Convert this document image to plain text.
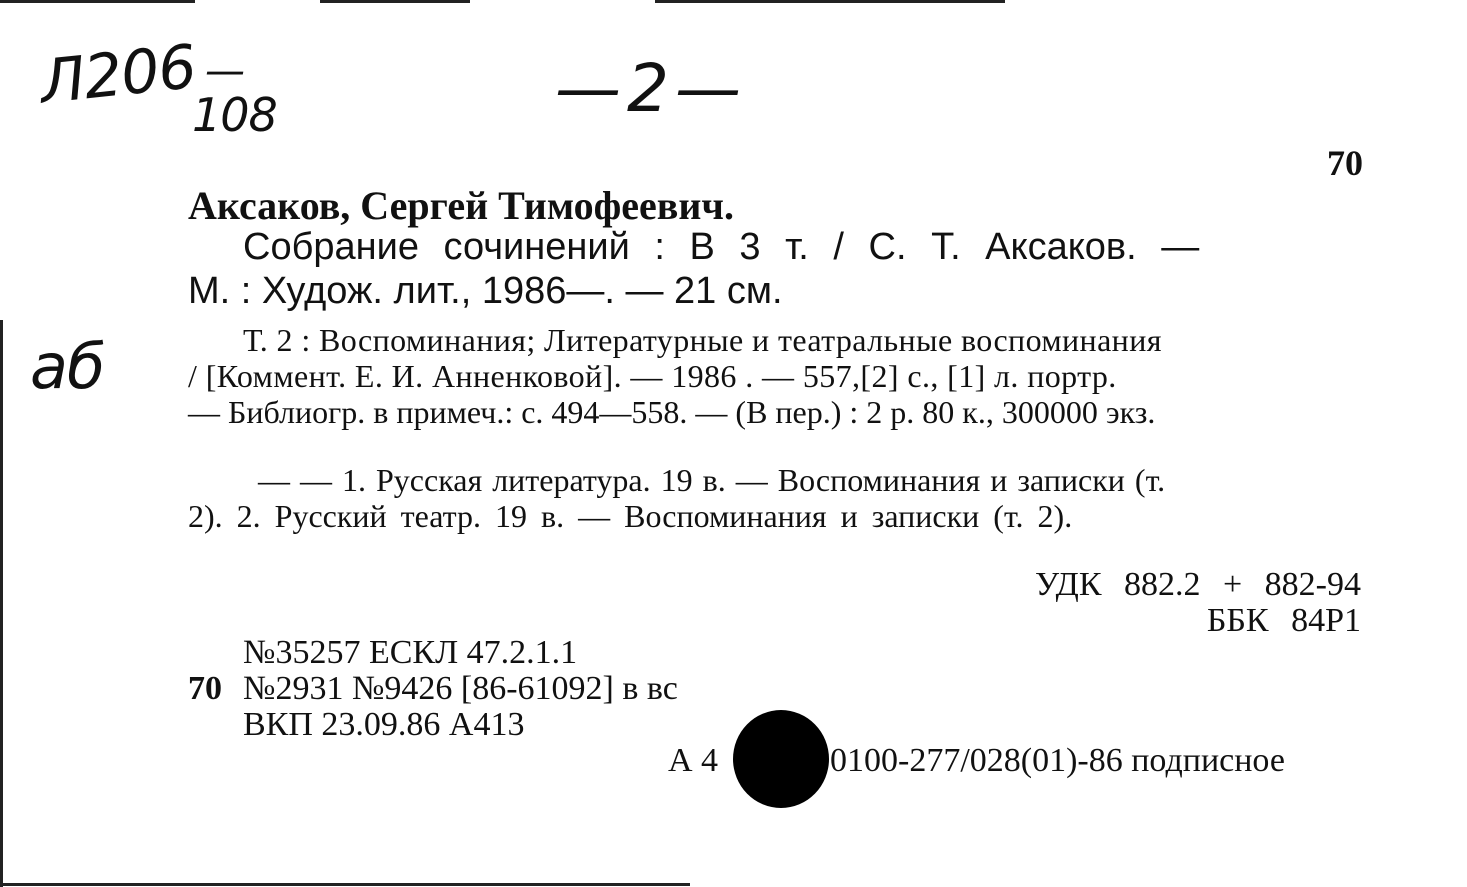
Л206 —
108	—2—
аб
70
Аксаков, Сергей Тимофеевич.
Собрание сочинений : В 3 т. / С. Т. Аксаков. —
М. : Худож. лит., 1986—. — 21 см.
Т. 2 : Воспоминания; Литературные и театральные воспоминания
/ [Коммент. Е. И. Анненковой]. — 1986 . — 557,[2] с., [1] л. портр.
— Библиогр. в примеч.: с. 494—558. — (В пер.) : 2 р. 80 к., 300000 экз.
— — 1. Русская литература. 19 в. — Воспоминания и записки (т.
2). 2. Русский театр. 19 в. — Воспоминания и записки (т. 2).
УДК 882.2 + 882-94
ББК 84Р1
№35257 ЕСКЛ 47.2.1.1
70 №2931 №9426 [86-61092] в вс
ВКП 23.09.86 А413
А 4	0100-277/028(01)-86 подписное
